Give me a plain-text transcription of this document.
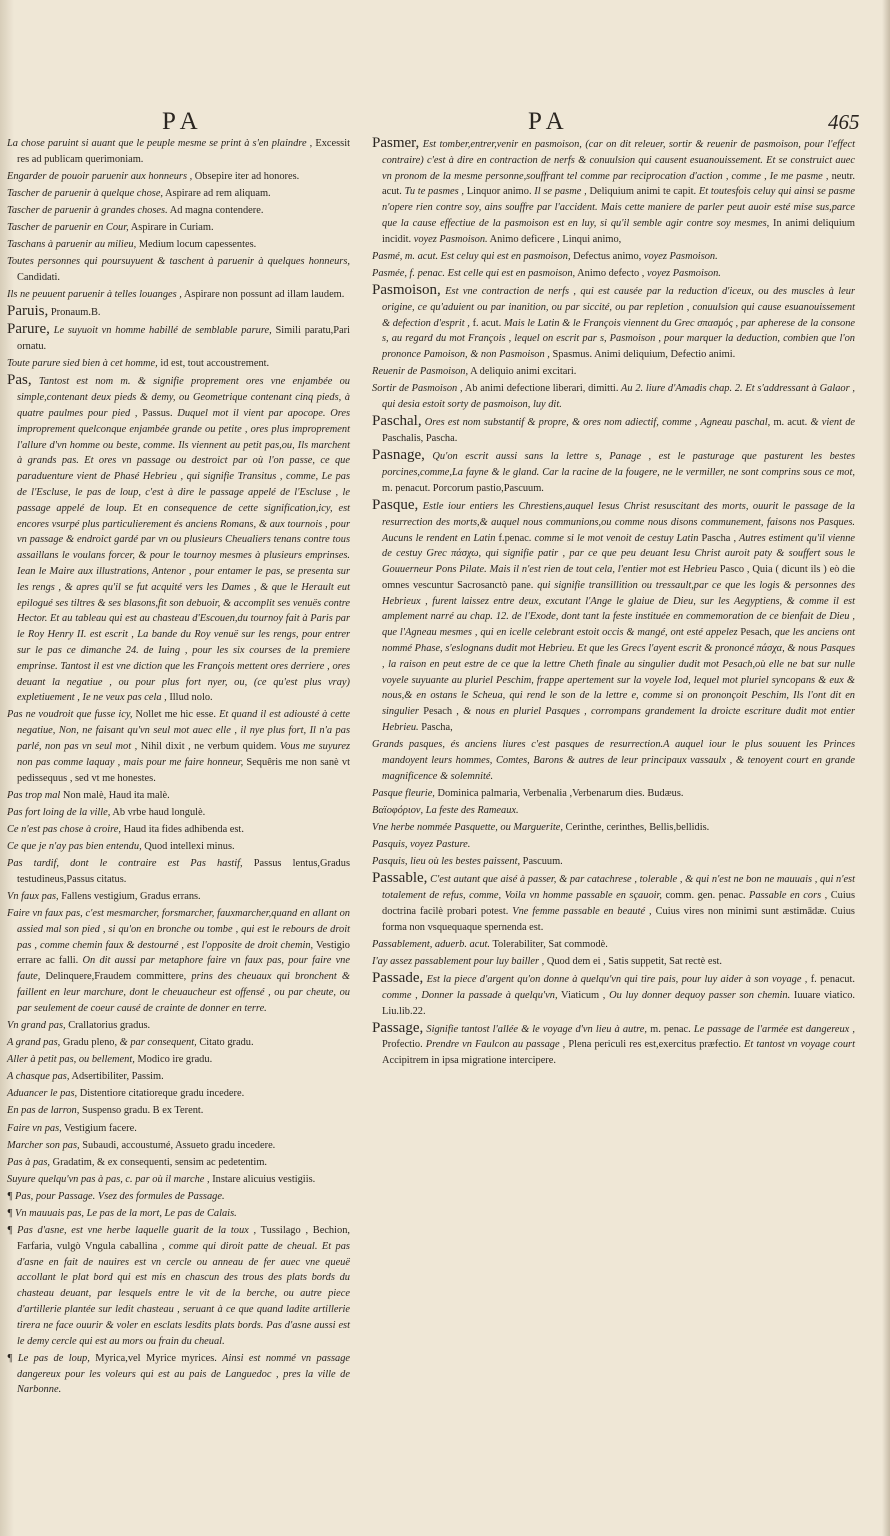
PA	PA	465

La chose paruint si auant que le peuple mesme se print à s'en plaindre , Excessit res ad publicam querimoniam.

Engarder de pouoir paruenir aux honneurs , Obsepire iter ad honores.

Tascher de paruenir à quelque chose, Aspirare ad rem aliquam.

Tascher de paruenir à grandes choses. Ad magna contendere.

Tascher de paruenir en Cour, Aspirare in Curiam.

Taschans à paruenir au milieu, Medium locum capessentes.

Toutes personnes qui poursuyuent & taschent à paruenir à quelques honneurs, Candidati.

Ils ne peuuent paruenir à telles louanges , Aspirare non possunt ad illam laudem.

Paruis, Pronaum.B.

Parure, Le suyuoit vn homme habillé de semblable parure, Simili paratu,Pari ornatu.

Toute parure sied bien à cet homme, id est, tout accoustrement.

Pas, Tantost est nom m. & signifie proprement ores vne enjambée ou simple,contenant deux pieds & demy, ou Geometrique contenant cinq pieds, à quatre paulmes pour pied , Passus. Duquel mot il vient par apocope. Ores improprement quelconque enjambée grande ou petite , ores plus improprement l'allure d'vn homme ou beste, comme. Ils viennent au petit pas,ou, Ils marchent à grands pas. Et ores vn passage ou destroict par où l'on passe, ce que paraduenture vient de Phasé Hebrieu , qui signifie Transitus , comme, Le pas de l'Escluse, le pas de loup, c'est à dire le passage appelé de l'Escluse , le passage appelé de loup. Et en consequence de cette signification,icy, est encores vsurpé plus particulierement és anciens Romans, & aux tournois , pour vn passage & endroict gardé par vn ou plusieurs Cheualiers tenans contre tous assaillans le voulans forcer, & pour le tournoy mesmes à plusieurs emprinses. Iean le Maire aux illustrations, Antenor , pour entamer le pas, se presenta sur les rengs , & apres qu'il se fut acquité vers les Dames , & que le Herault eut epilogué ses tiltres & ses blasons,fit son debuoir, & accomplit ses venuës contre Hector. Et au tableau qui est au chasteau d'Escouen,du tournoy fait à Paris par le Roy Henry II. est escrit , La bande du Roy venuë sur les rengs, pour entrer sur le pas ce dimanche 24. de Iuing , pour les six courses de la premiere emprinse. Tantost il est vne diction que les François mettent ores derriere , ores deuant la negatiue , ou pour plus fort nyer, ou, (ce qu'est plus vray) expletiuement , Ie ne veux pas cela , Illud nolo.

Pas ne voudroit que fusse icy, Nollet me hic esse. Et quand il est adiousté à cette negatiue, Non, ne faisant qu'vn seul mot auec elle , il nye plus fort, Il n'a pas parlé, non pas vn seul mot , Nihil dixit , ne verbum quidem. Vous me suyurez non pas comme laquay , mais pour me faire honneur, Sequêris me non sanè vt pedissequus , sed vt me honestes.

Pas trop mal Non malè, Haud ita malè.

Pas fort loing de la ville, Ab vrbe haud longulè.

Ce n'est pas chose à croire, Haud ita fides adhibenda est.

Ce que je n'ay pas bien entendu, Quod intellexi minus.

Pas tardif, dont le contraire est Pas hastif, Passus lentus,Gradus testudineus,Passus citatus.

Vn faux pas, Fallens vestigium, Gradus errans.

Faire vn faux pas, c'est mesmarcher, forsmarcher, fauxmarcher,quand en allant on assied mal son pied , si qu'on en bronche ou tombe , qui est le rebours de droit pas , comme chemin faux & destourné , est l'opposite de droit chemin, Vestigio errare ac falli. On dit aussi par metaphore faire vn faux pas, pour faire vne faute, Delinquere,Fraudem committere, prins des cheuaux qui bronchent & faillent en leur marchure, dont le cheuaucheur est offensé , ou par cheute, ou par seulement de coeur causé de crainte de donner en terre.

Vn grand pas, Crallatorius gradus.

A grand pas, Gradu pleno, & par consequent, Citato gradu.

Aller à petit pas, ou bellement, Modico ire gradu.

A chasque pas, Adsertibiliter, Passim.

Aduancer le pas, Distentiore citatioreque gradu incedere.

En pas de larron, Suspenso gradu. B ex Terent.

Faire vn pas, Vestigium facere.

Marcher son pas, Subaudi, accoustumé, Assueto gradu incedere.

Pas à pas, Gradatim, & ex consequenti, sensim ac pedetentim.

Suyure quelqu'vn pas à pas, c. par où il marche , Instare alicuius vestigiis.

¶ Pas, pour Passage. Vsez des formules de Passage.

¶ Vn mauuais pas, Le pas de la mort, Le pas de Calais.

¶ Pas d'asne, est vne herbe laquelle guarit de la toux , Tussilago , Bechion, Farfaria, vulgò Vngula caballina , comme qui diroit patte de cheual. Et pas d'asne en fait de nauires est vn cercle ou anneau de fer auec vne queuë accollant le plat bord qui est mis en chascun des trous des plats bords du chasteau deuant, par lesquels entre le vit de la berche, ou autre piece d'artillerie plantée sur ledit chasteau , seruant à ce que quand ladite artillerie tirera ne face ouurir & voler en esclats lesdits plats bords. Pas d'asne aussi est le demy cercle qui est au mors ou frain du cheual.

¶ Le pas de loup, Myrica,vel Myrice myrices. Ainsi est nommé vn passage dangereux pour les voleurs qui est au pais de Languedoc , pres la ville de Narbonne.

Pasmer, Est tomber,entrer,venir en pasmoison, (car on dit releuer, sortir & reuenir de pasmoison, pour l'effect contraire) c'est à dire en contraction de nerfs & conuulsion qui causent esuanouissement. Et se construict auec vn pronom de la mesme personne,souffrant tel comme par reciprocation d'action , comme , Ie me pasme , neutr. acut. Tu te pasmes , Linquor animo. Il se pasme , Deliquium animi te capit. Et toutesfois celuy qui ainsi se pasme n'opere rien contre soy, ains souffre par l'accident. Mais cette maniere de parler peut auoir esté mise sus,parce que la cause effectiue de la pasmoison est en luy, si qu'il semble agir contre soy mesmes, In animi deliquium incidit. voyez Pasmoison. Animo deficere , Linqui animo,

Pasmé, m. acut. Est celuy qui est en pasmoison, Defectus animo, voyez Pasmoison.

Pasmée, f. penac. Est celle qui est en pasmoison, Animo defecto , voyez Pasmoison.

Pasmoison, Est vne contraction de nerfs , qui est causée par la reduction d'iceux, ou des muscles à leur origine, ce qu'aduient ou par inanition, ou par siccité, ou par repletion , conuulsion qui cause esuanouissement & defection d'esprit , f. acut. Mais le Latin & le François viennent du Grec σπασμός , par apherese de la consone s, au regard du mot François , lequel on escrit par s, Pasmoison , pour marquer la deduction, combien que l'on prononce Pamoison, & non Pasmoison , Spasmus. Animi deliquium, Defectio animi.

Reuenir de Pasmoison, A deliquio animi excitari.

Sortir de Pasmoison , Ab animi defectione liberari, dimitti. Au 2. liure d'Amadis chap. 2. Et s'addressant à Galaor , qui desia estoit sorty de pasmoison, luy dit.

Paschal, Ores est nom substantif & propre, & ores nom adiectif, comme , Agneau paschal, m. acut. & vient de Paschalis, Pascha.

Pasnage, Qu'on escrit aussi sans la lettre s, Panage , est le pasturage que pasturent les bestes porcines,comme,La fayne & le gland. Car la racine de la fougere, ne le vermiller, ne sont comprins sous ce mot, m. penacut. Porcorum pastio,Pascuum.

Pasque, Estle iour entiers les Chrestiens,auquel Iesus Christ resuscitant des morts, ouurit le passage de la resurrection des morts,& auquel nous communions,ou comme nous disons communement, faisons nos Pasques. Aucuns le rendent en Latin f.penac. comme si le mot venoit de cestuy Latin Pascha , Autres estiment qu'il vienne de cestuy Grec πάσχω, qui signifie patir , par ce que peu deuant Iesu Christ auroit paty & souffert sous le Gouuerneur Pons Pilate. Mais il n'est rien de tout cela, l'entier mot est Hebrieu Pasco , Quia ( dicunt ils ) eò die omnes vescuntur Sacrosanctò pane. qui signifie transillition ou tressault,par ce que les logis & personnes des Hebrieux , furent laissez entre deux, excutant l'Ange le glaiue de Dieu, sur les Aegyptiens, & comme il est amplement narré au chap. 12. de l'Exode, dont tant la feste instituée en commemoration de ce bienfait de Dieu , que l'Agneau mesmes , qui en icelle celebrant estoit occis & mangé, ont esté appelez Pesach, que les anciens ont nommé Phase, s'eslognans dudit mot Hebrieu. Et que les Grecs l'ayent escrit & prononcé πάσχα, & nous Pasques , la raison en peut estre de ce que la lettre Cheth finale au singulier dudit mot Pesach,où elle ne bat sur nulle voyele suyuante au pluriel Peschim, frappe apertement sur la voyele Iod, lequel mot pluriel syncopans & eux & nous,& en ostans le Scheua, qui rend le son de la lettre e, comme si on prononçoit Peschim, Ils l'ont dit en singulier Pesach , & nous en pluriel Pasques , corrompans grandement la droicte escriture dudit mot entier Hebrieu. Pascha,

Grands pasques, és anciens liures c'est pasques de resurrection.A auquel iour le plus souuent les Princes mandoyent leurs hommes, Comtes, Barons & autres de leur principaux vassaulx , & tenoyent court en grande magnificence & solemnité.

Pasque fleurie, Dominica palmaria, Verbenalia ,Verbenarum dies. Budæus.

Βαϊοφόριον, La feste des Rameaux.

Vne herbe nommée Pasquette, ou Marguerite, Cerinthe, cerinthes, Bellis,bellidis.

Pasquis, voyez Pasture.

Pasquis, lieu où les bestes paissent, Pascuum.

Passable, C'est autant que aisé à passer, & par catachrese , tolerable , & qui n'est ne bon ne mauuais , qui n'est totalement de refus, comme, Voila vn homme passable en sçauoir, comm. gen. penac. Passable en cors , Cuius doctrina facilè probari potest. Vne femme passable en beauté , Cuius vires non minimi sunt æstimādæ. Cuius forma non vsquequaque spernenda est.

Passablement, aduerb. acut. Tolerabiliter, Sat commodè.

I'ay assez passablement pour luy bailler , Quod dem ei , Satis suppetit, Sat rectè est.

Passade, Est la piece d'argent qu'on donne à quelqu'vn qui tire pais, pour luy aider à son voyage , f. penacut. comme , Donner la passade à quelqu'vn, Viaticum , Ou luy donner dequoy passer son chemin. Iuuare viatico. Liu.lib.22.

Passage, Signifie tantost l'allée & le voyage d'vn lieu à autre, m. penac. Le passage de l'armée est dangereux , Profectio. Prendre vn Faulcon au passage , Plena periculi res est,exercitus præfectio. Et tantost vn voyage court Accipitrem in ipsa migratione intercipere.
